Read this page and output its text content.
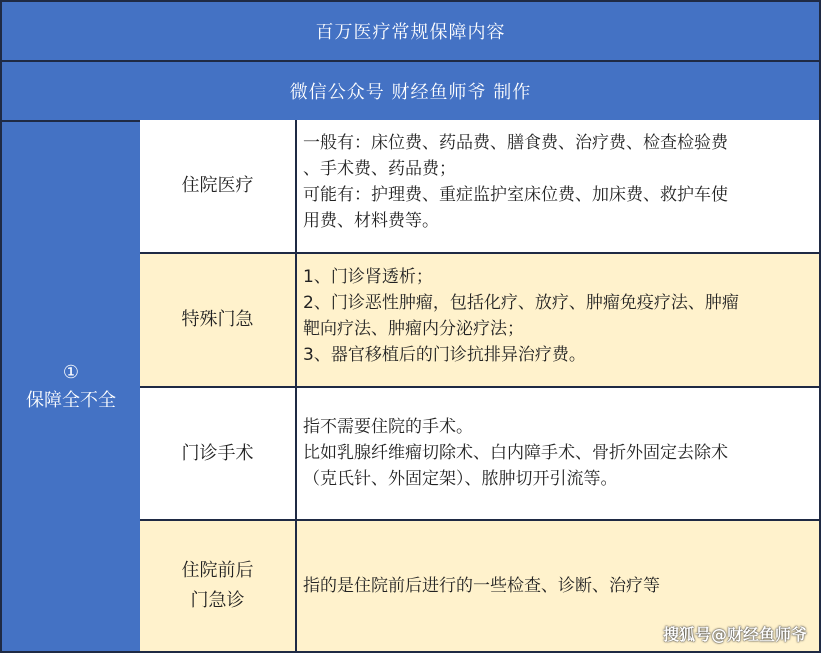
百万医疗常规保障内容
微信公众号 财经鱼师爷 制作
①
保障全不全
住院医疗
一般有：床位费、药品费、膳食费、治疗费、检查检验费
、手术费、药品费；
可能有：护理费、重症监护室床位费、加床费、救护车使
用费、材料费等。
特殊门急
1、门诊肾透析；
2、门诊恶性肿瘤，包括化疗、放疗、肿瘤免疫疗法、肿瘤
靶向疗法、肿瘤内分泌疗法；
3、器官移植后的门诊抗排异治疗费。
门诊手术
指不需要住院的手术。
比如乳腺纤维瘤切除术、白内障手术、骨折外固定去除术
（克氏针、外固定架）、脓肿切开引流等。
住院前后
门急诊
指的是住院前后进行的一些检查、诊断、治疗等
搜狐号@财经鱼师爷
